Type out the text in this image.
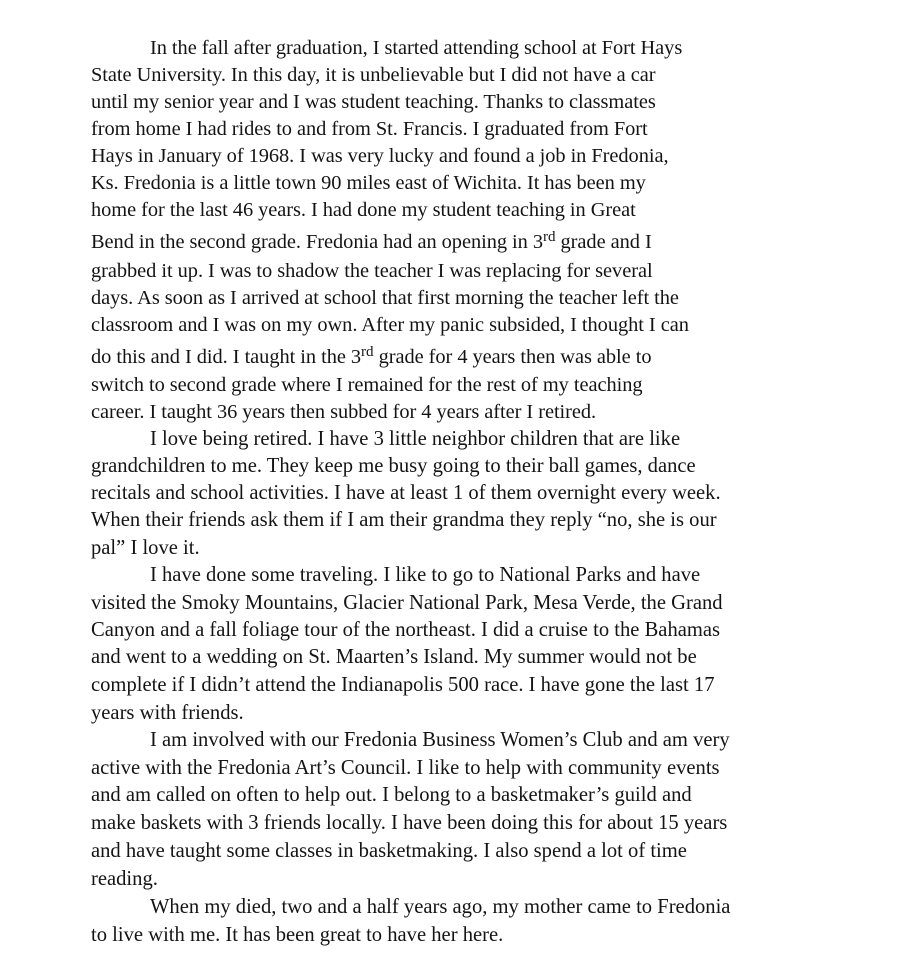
In the fall after graduation, I started attending school at Fort Hays
State University. In this day, it is unbelievable but I did not have a car
until my senior year and I was student teaching. Thanks to classmates
from home I had rides to and from St. Francis. I graduated from Fort
Hays in January of 1968. I was very lucky and found a job in Fredonia,
Ks. Fredonia is a little town 90 miles east of Wichita. It has been my
home for the last 46 years. I had done my student teaching in Great
Bend in the second grade. Fredonia had an opening in 3rd grade and I
grabbed it up. I was to shadow the teacher I was replacing for several
days. As soon as I arrived at school that first morning the teacher left the
classroom and I was on my own. After my panic subsided, I thought I can
do this and I did. I taught in the 3rd grade for 4 years then was able to
switch to second grade where I remained for the rest of my teaching
career. I taught 36 years then subbed for 4 years after I retired.
I love being retired. I have 3 little neighbor children that are like
grandchildren to me. They keep me busy going to their ball games, dance
recitals and school activities. I have at least 1 of them overnight every week.
When their friends ask them if I am their grandma they reply “no, she is our
pal” I love it.
I have done some traveling. I like to go to National Parks and have
visited the Smoky Mountains, Glacier National Park, Mesa Verde, the Grand
Canyon and a fall foliage tour of the northeast. I did a cruise to the Bahamas
and went to a wedding on St. Maarten’s Island. My summer would not be
complete if I didn’t attend the Indianapolis 500 race. I have gone the last 17
years with friends.
I am involved with our Fredonia Business Women’s Club and am very
active with the Fredonia Art’s Council. I like to help with community events
and am called on often to help out. I belong to a basketmaker’s guild and
make baskets with 3 friends locally. I have been doing this for about 15 years
and have taught some classes in basketmaking. I also spend a lot of time
reading.
When my died, two and a half years ago, my mother came to Fredonia
to live with me. It has been great to have her here.
